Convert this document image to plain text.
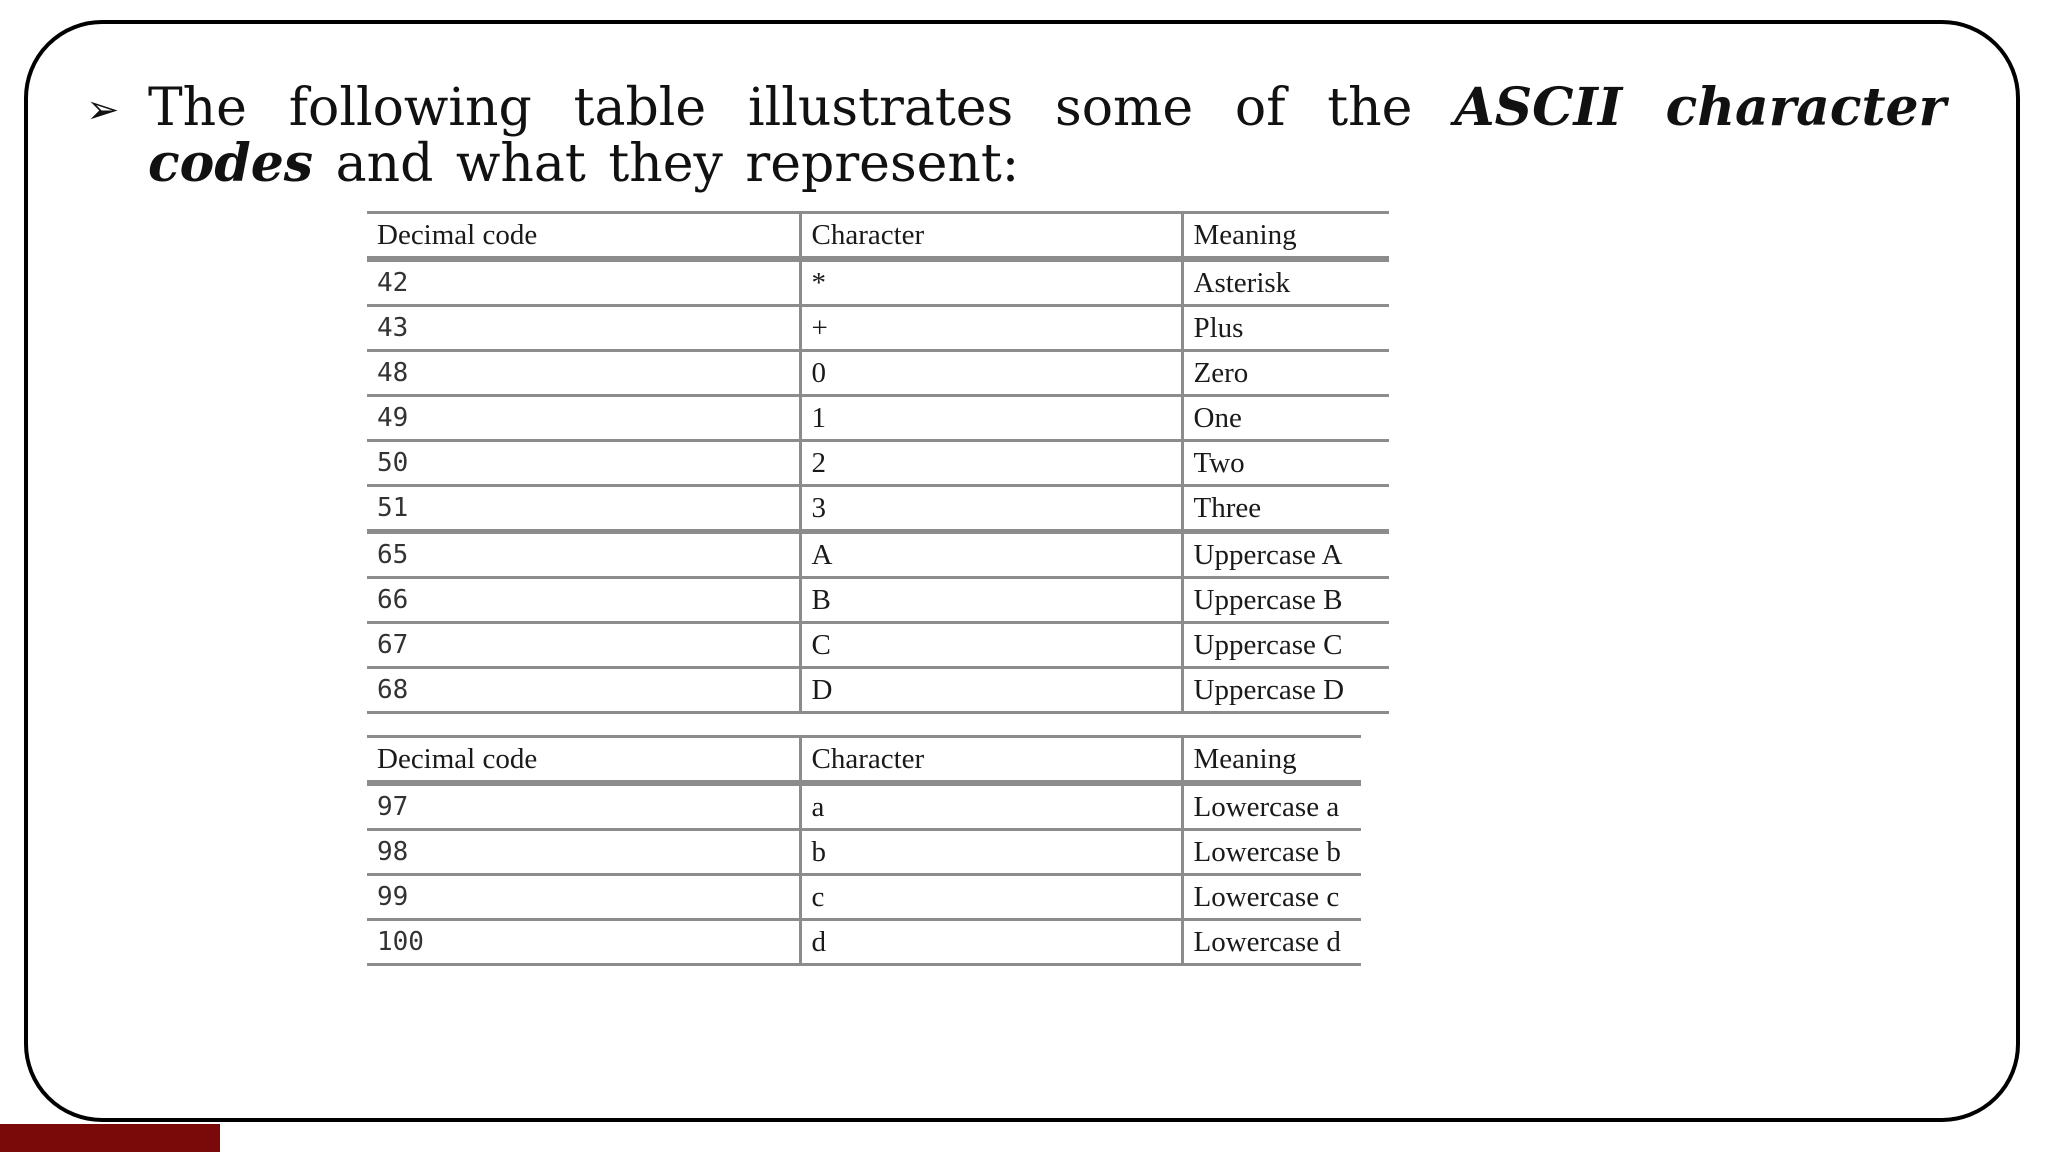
➢ The following table illustrates some of the ASCII character codes and what they represent:
Decimal code	Character	Meaning
42	*	Asterisk
43	+	Plus
48	0	Zero
49	1	One
50	2	Two
51	3	Three
65	A	Uppercase A
66	B	Uppercase B
67	C	Uppercase C
68	D	Uppercase D
Decimal code	Character	Meaning
97	a	Lowercase a
98	b	Lowercase b
99	c	Lowercase c
100	d	Lowercase d
